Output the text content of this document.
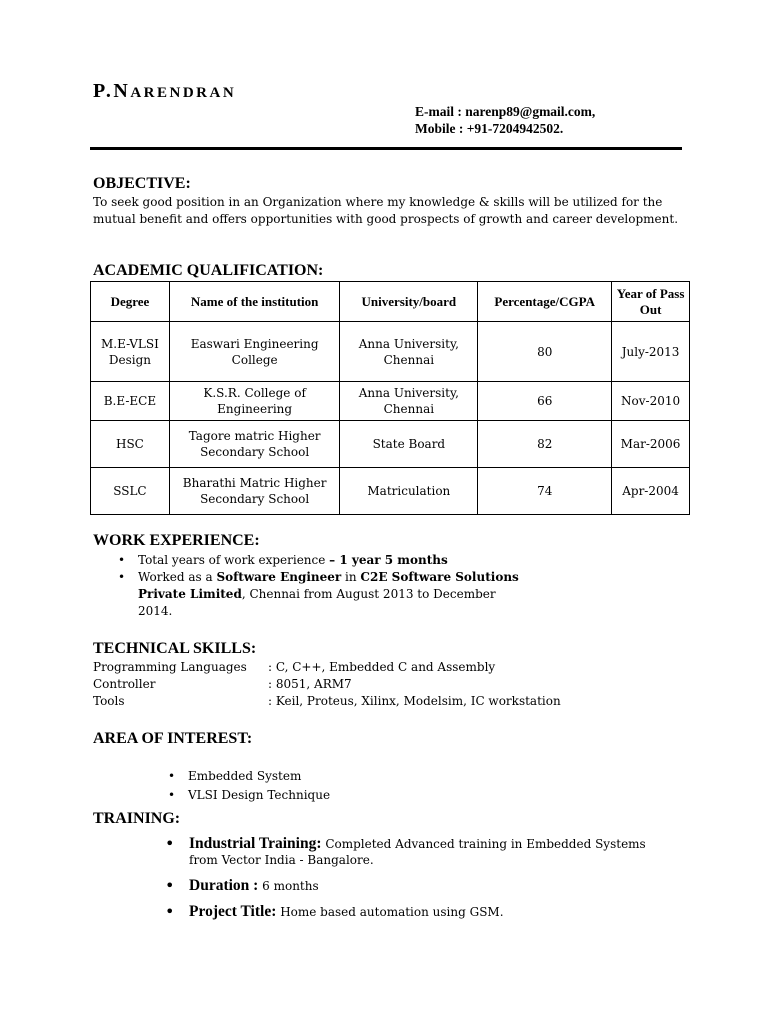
P.NARENDRAN
E-mail : narenp89@gmail.com,
Mobile : +91-7204942502.
OBJECTIVE:
To seek good position in an Organization where my knowledge & skills will be utilized for the mutual benefit and offers opportunities with good prospects of growth and career development.
ACADEMIC QUALIFICATION:
Degree	Name of the institution	University/board	Percentage/CGPA	Year of Pass Out
M.E-VLSI Design	Easwari Engineering College	Anna University, Chennai	80	July-2013
B.E-ECE	K.S.R. College of Engineering	Anna University, Chennai	66	Nov-2010
HSC	Tagore matric Higher Secondary School	State Board	82	Mar-2006
SSLC	Bharathi Matric Higher Secondary School	Matriculation	74	Apr-2004
WORK EXPERIENCE:
• Total years of work experience – 1 year 5 months
• Worked as a Software Engineer in C2E Software Solutions
Private Limited, Chennai from August 2013 to December
2014.
TECHNICAL SKILLS:
Programming Languages	: C, C++, Embedded C and Assembly
Controller	: 8051, ARM7
Tools	: Keil, Proteus, Xilinx, Modelsim, IC workstation
AREA OF INTEREST:
• Embedded System
• VLSI Design Technique
TRAINING:
• Industrial Training: Completed Advanced training in Embedded Systems
from Vector India - Bangalore.
• Duration : 6 months
• Project Title: Home based automation using GSM.
